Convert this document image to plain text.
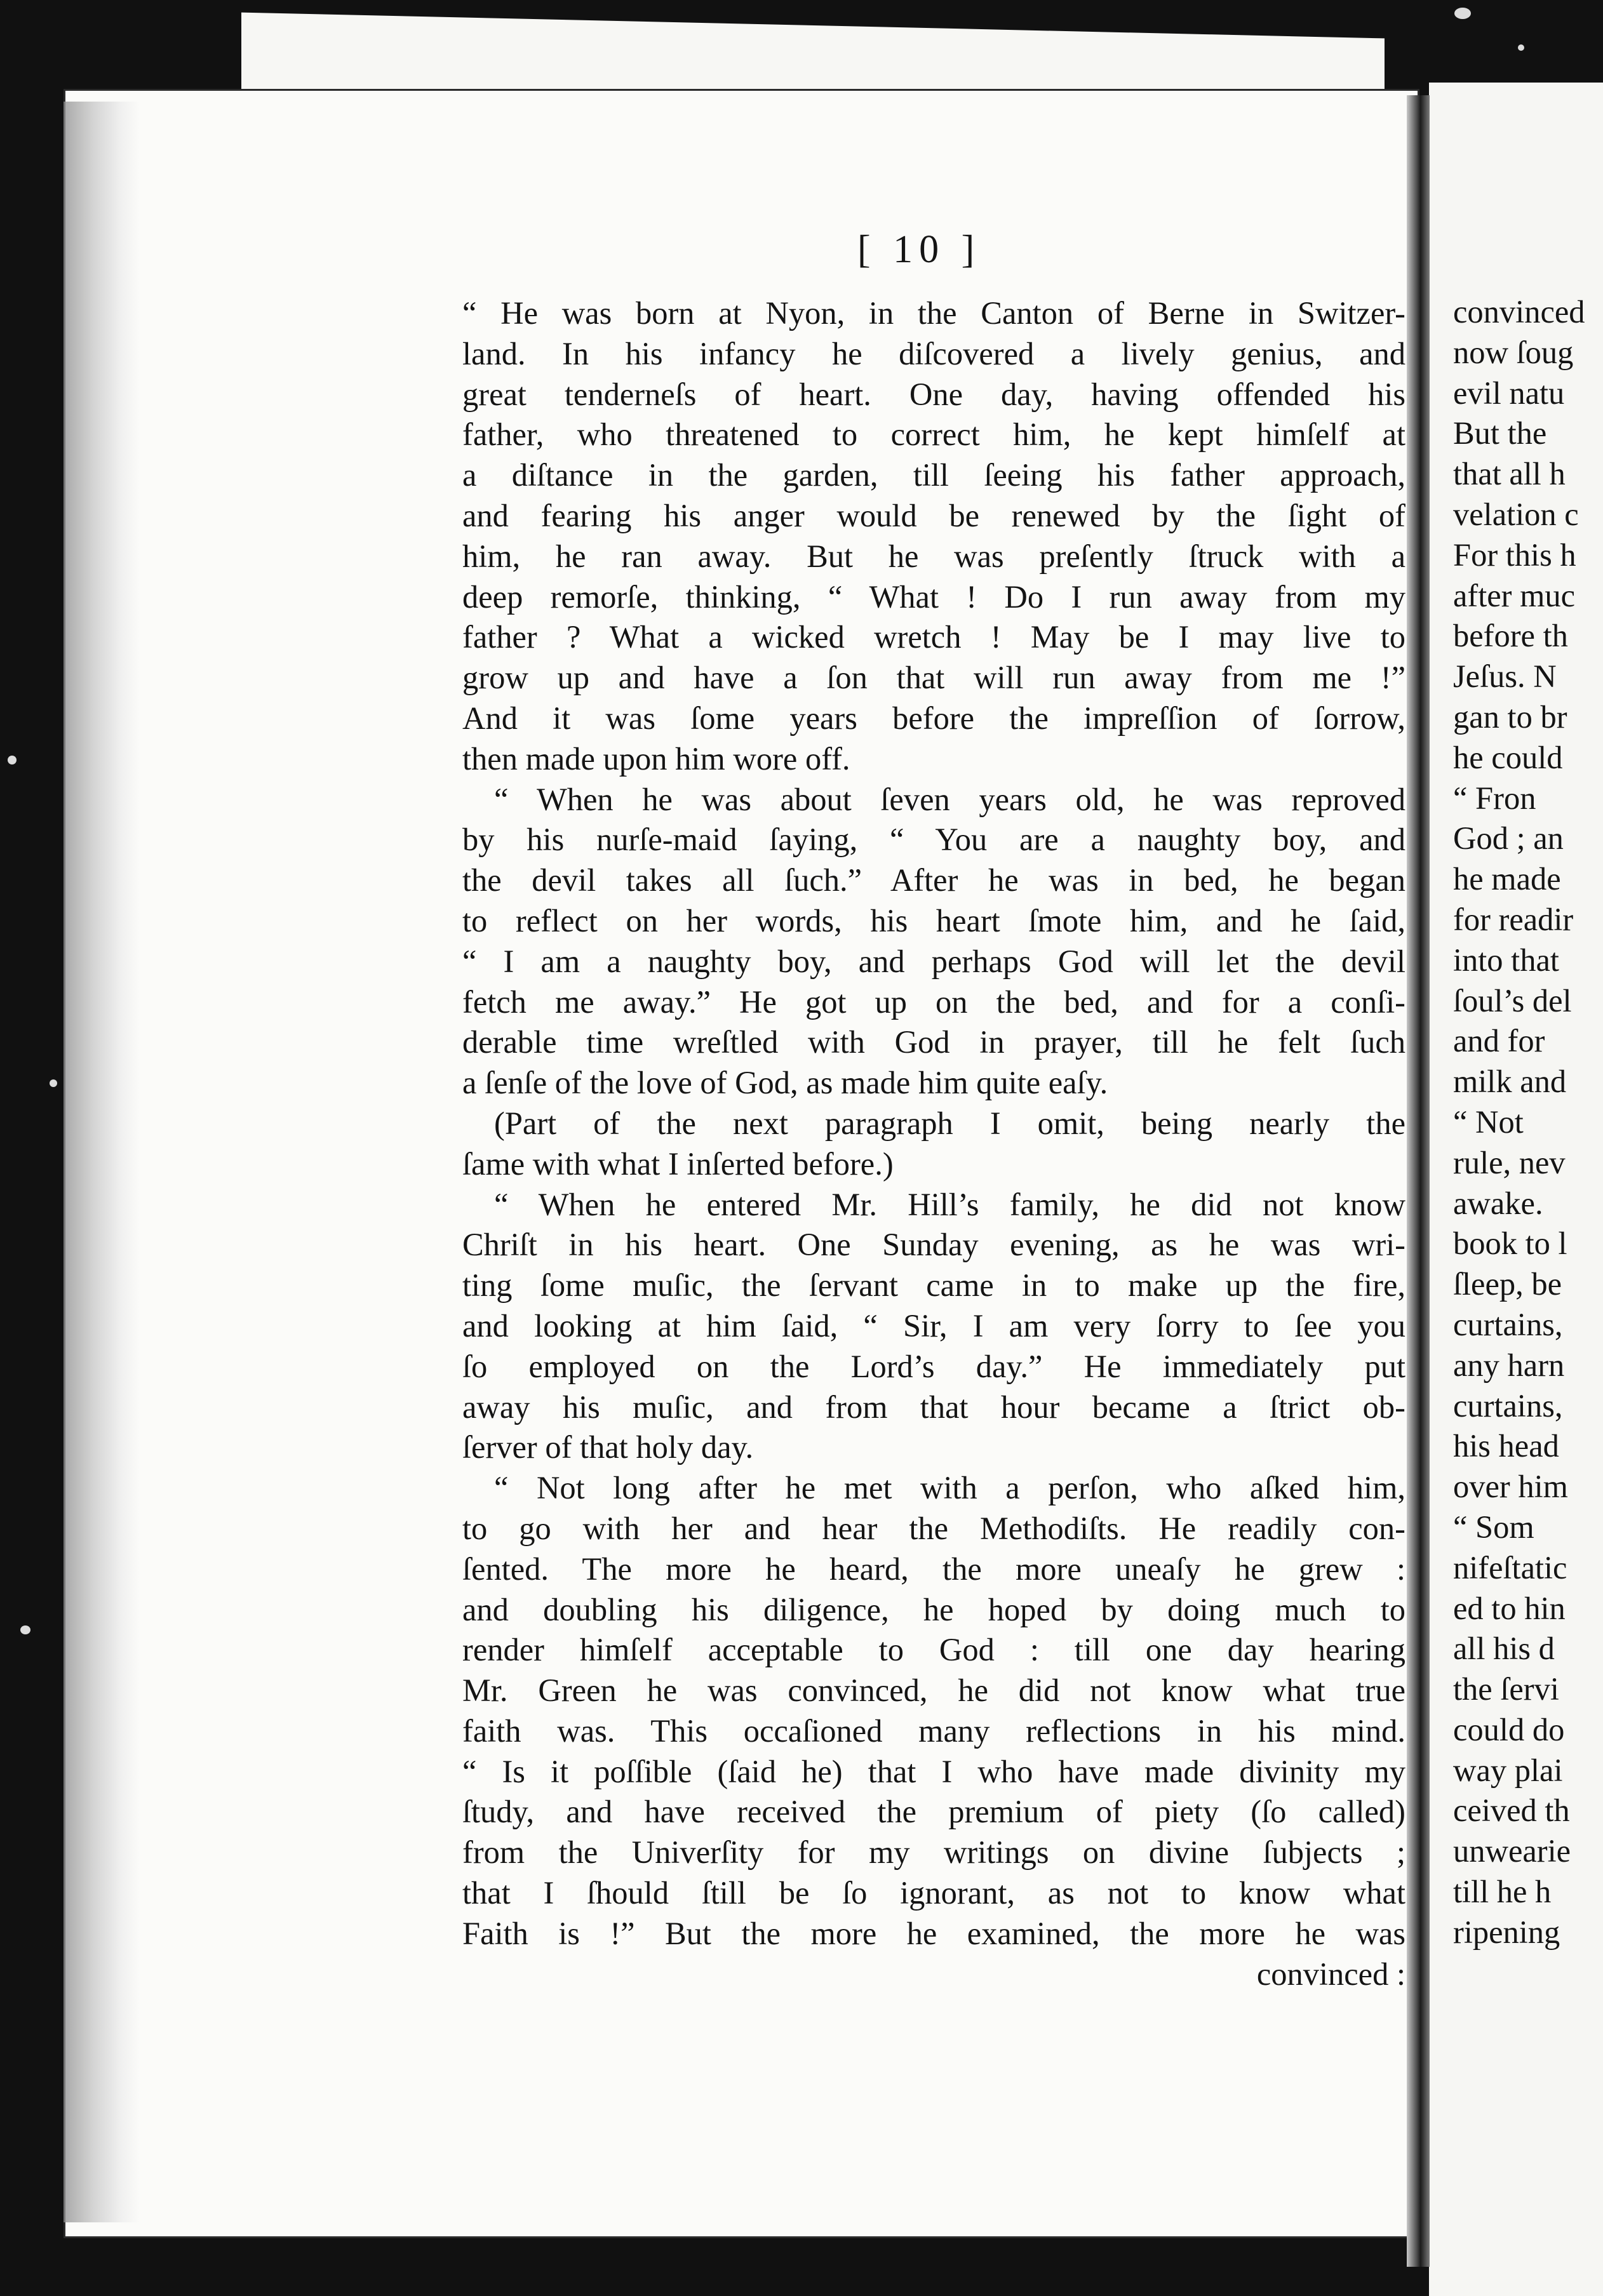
convinced
now ſoug
evil natu
But the
that all h
velation c
For this h
after muc
before th
Jeſus. N
gan to br
he could
“ Fron
God ; an
he made
for readir
into that
ſoul’s del
and for
milk and
“ Not
rule, nev
awake.
book to l
ſleep, be
curtains,
any harn
curtains,
his head
over him
“ Som
nifeſtatic
ed to hin
all his d
the ſervi
could do
way plai
ceived th
unwearie
till he h
ripening
[ 10 ]
“ He was born at Nyon, in the Canton of Berne in Switzer-
land. In his infancy he diſcovered a lively genius, and
great tenderneſs of heart. One day, having offended his
father, who threatened to correct him, he kept himſelf at
a diſtance in the garden, till ſeeing his father approach,
and fearing his anger would be renewed by the ſight of
him, he ran away. But he was preſently ſtruck with a
deep remorſe, thinking, “ What ! Do I run away from my
father ? What a wicked wretch ! May be I may live to
grow up and have a ſon that will run away from me !”
And it was ſome years before the impreſſion of ſorrow,
then made upon him wore off.
“ When he was about ſeven years old, he was reproved
by his nurſe-maid ſaying, “ You are a naughty boy, and
the devil takes all ſuch.” After he was in bed, he began
to reflect on her words, his heart ſmote him, and he ſaid,
“ I am a naughty boy, and perhaps God will let the devil
fetch me away.” He got up on the bed, and for a conſi-
derable time wreſtled with God in prayer, till he felt ſuch
a ſenſe of the love of God, as made him quite eaſy.
(Part of the next paragraph I omit, being nearly the
ſame with what I inſerted before.)
“ When he entered Mr. Hill’s family, he did not know
Chriſt in his heart. One Sunday evening, as he was wri-
ting ſome muſic, the ſervant came in to make up the fire,
and looking at him ſaid, “ Sir, I am very ſorry to ſee you
ſo employed on the Lord’s day.” He immediately put
away his muſic, and from that hour became a ſtrict ob-
ſerver of that holy day.
“ Not long after he met with a perſon, who aſked him,
to go with her and hear the Methodiſts. He readily con-
ſented. The more he heard, the more uneaſy he grew :
and doubling his diligence, he hoped by doing much to
render himſelf acceptable to God : till one day hearing
Mr. Green he was convinced, he did not know what true
faith was. This occaſioned many reflections in his mind.
“ Is it poſſible (ſaid he) that I who have made divinity my
ſtudy, and have received the premium of piety (ſo called)
from the Univerſity for my writings on divine ſubjects ;
that I ſhould ſtill be ſo ignorant, as not to know what
Faith is !” But the more he examined, the more he was
convinced :
